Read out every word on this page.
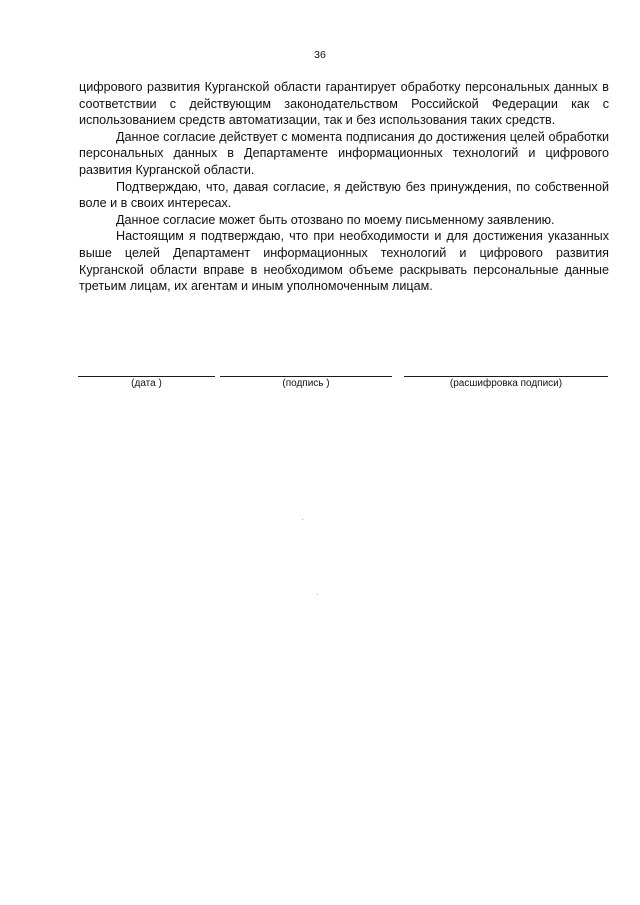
36

цифрового развития Курганской области гарантирует обработку персональных данных в соответствии с действующим законодательством Российской Федерации как с использованием средств автоматизации, так и без использования таких средств.

Данное согласие действует с момента подписания до достижения целей обработки персональных данных в Департаменте информационных технологий и цифрового развития Курганской области.

Подтверждаю, что, давая согласие, я действую без принуждения, по собственной воле и в своих интересах.

Данное согласие может быть отозвано по моему письменному заявлению.

Настоящим я подтверждаю, что при необходимости и для достижения указанных выше целей Департамент информационных технологий и цифрового развития Курганской области вправе в необходимом объеме раскрывать персональные данные третьим лицам, их агентам и иным уполномоченным лицам.

(дата )	(подпись )	(расшифровка подписи)
